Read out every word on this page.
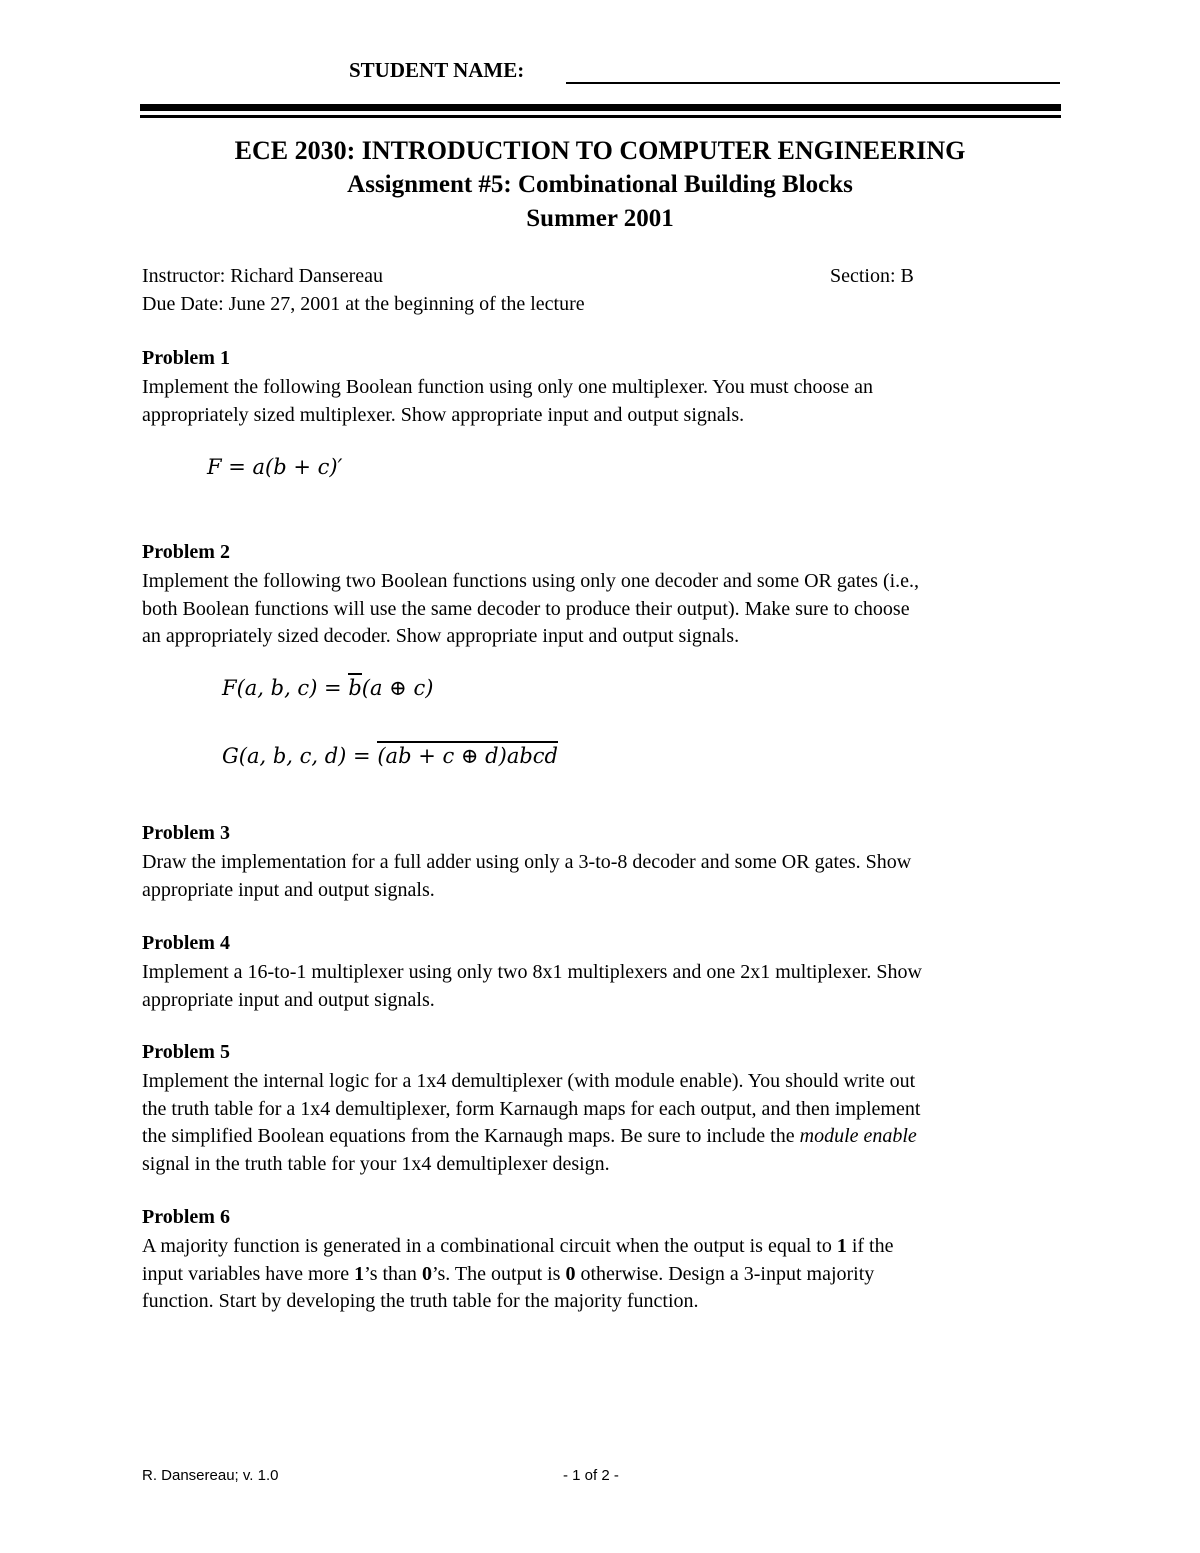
STUDENT NAME:
ECE 2030: INTRODUCTION TO COMPUTER ENGINEERING
Assignment #5: Combinational Building Blocks
Summer 2001
Instructor: Richard Dansereau	Section: B
Due Date: June 27, 2001 at the beginning of the lecture
Problem 1
Implement the following Boolean function using only one multiplexer. You must choose an
appropriately sized multiplexer. Show appropriate input and output signals.
F = a(b + c)′
Problem 2
Implement the following two Boolean functions using only one decoder and some OR gates (i.e.,
both Boolean functions will use the same decoder to produce their output). Make sure to choose
an appropriately sized decoder. Show appropriate input and output signals.
F(a, b, c) = b(a ⊕ c)
G(a, b, c, d) = (ab + c ⊕ d)abcd
Problem 3
Draw the implementation for a full adder using only a 3-to-8 decoder and some OR gates. Show
appropriate input and output signals.
Problem 4
Implement a 16-to-1 multiplexer using only two 8x1 multiplexers and one 2x1 multiplexer. Show
appropriate input and output signals.
Problem 5
Implement the internal logic for a 1x4 demultiplexer (with module enable). You should write out
the truth table for a 1x4 demultiplexer, form Karnaugh maps for each output, and then implement
the simplified Boolean equations from the Karnaugh maps. Be sure to include the module enable
signal in the truth table for your 1x4 demultiplexer design.
Problem 6
A majority function is generated in a combinational circuit when the output is equal to 1 if the
input variables have more 1’s than 0’s. The output is 0 otherwise. Design a 3-input majority
function. Start by developing the truth table for the majority function.
R. Dansereau; v. 1.0	- 1 of 2 -
